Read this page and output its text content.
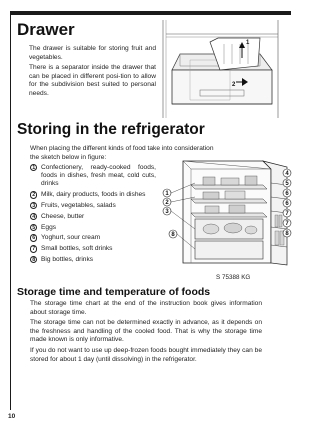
Drawer

The drawer is suitable for storing fruit and vegetables.

There is a separator inside the drawer that can be placed in different posi-tion to allow for the subdivision best suited to personal needs.

1
2
Storing in the refrigerator

When placing the different kinds of food take into consideration the sketch below in figure:

1 Confectionery, ready-cooked foods, foods in dishes, fresh meat, cold cuts, drinks
2 Milk, dairy products, foods in dishes
3 Fruits, vegetables, salads
4 Cheese, butter
5 Eggs
6 Yoghurt, sour cream
7 Small bottles, soft drinks
8 Big bottles, drinks
1
2
3
8
4
5
6
6
7
7
8
S 75388 KG
Storage time and temperature of foods

The storage time chart at the end of the instruction book gives information about storage time.

The storage time can not be determined exactly in advance, as it depends on the freshness and handling of the cooled food. That is why the storage time made known is only informative.

If you do not want to use up deep-frozen foods bought immediately they can be stored for about 1 day (until dissolving) in the refrigerator.

10
